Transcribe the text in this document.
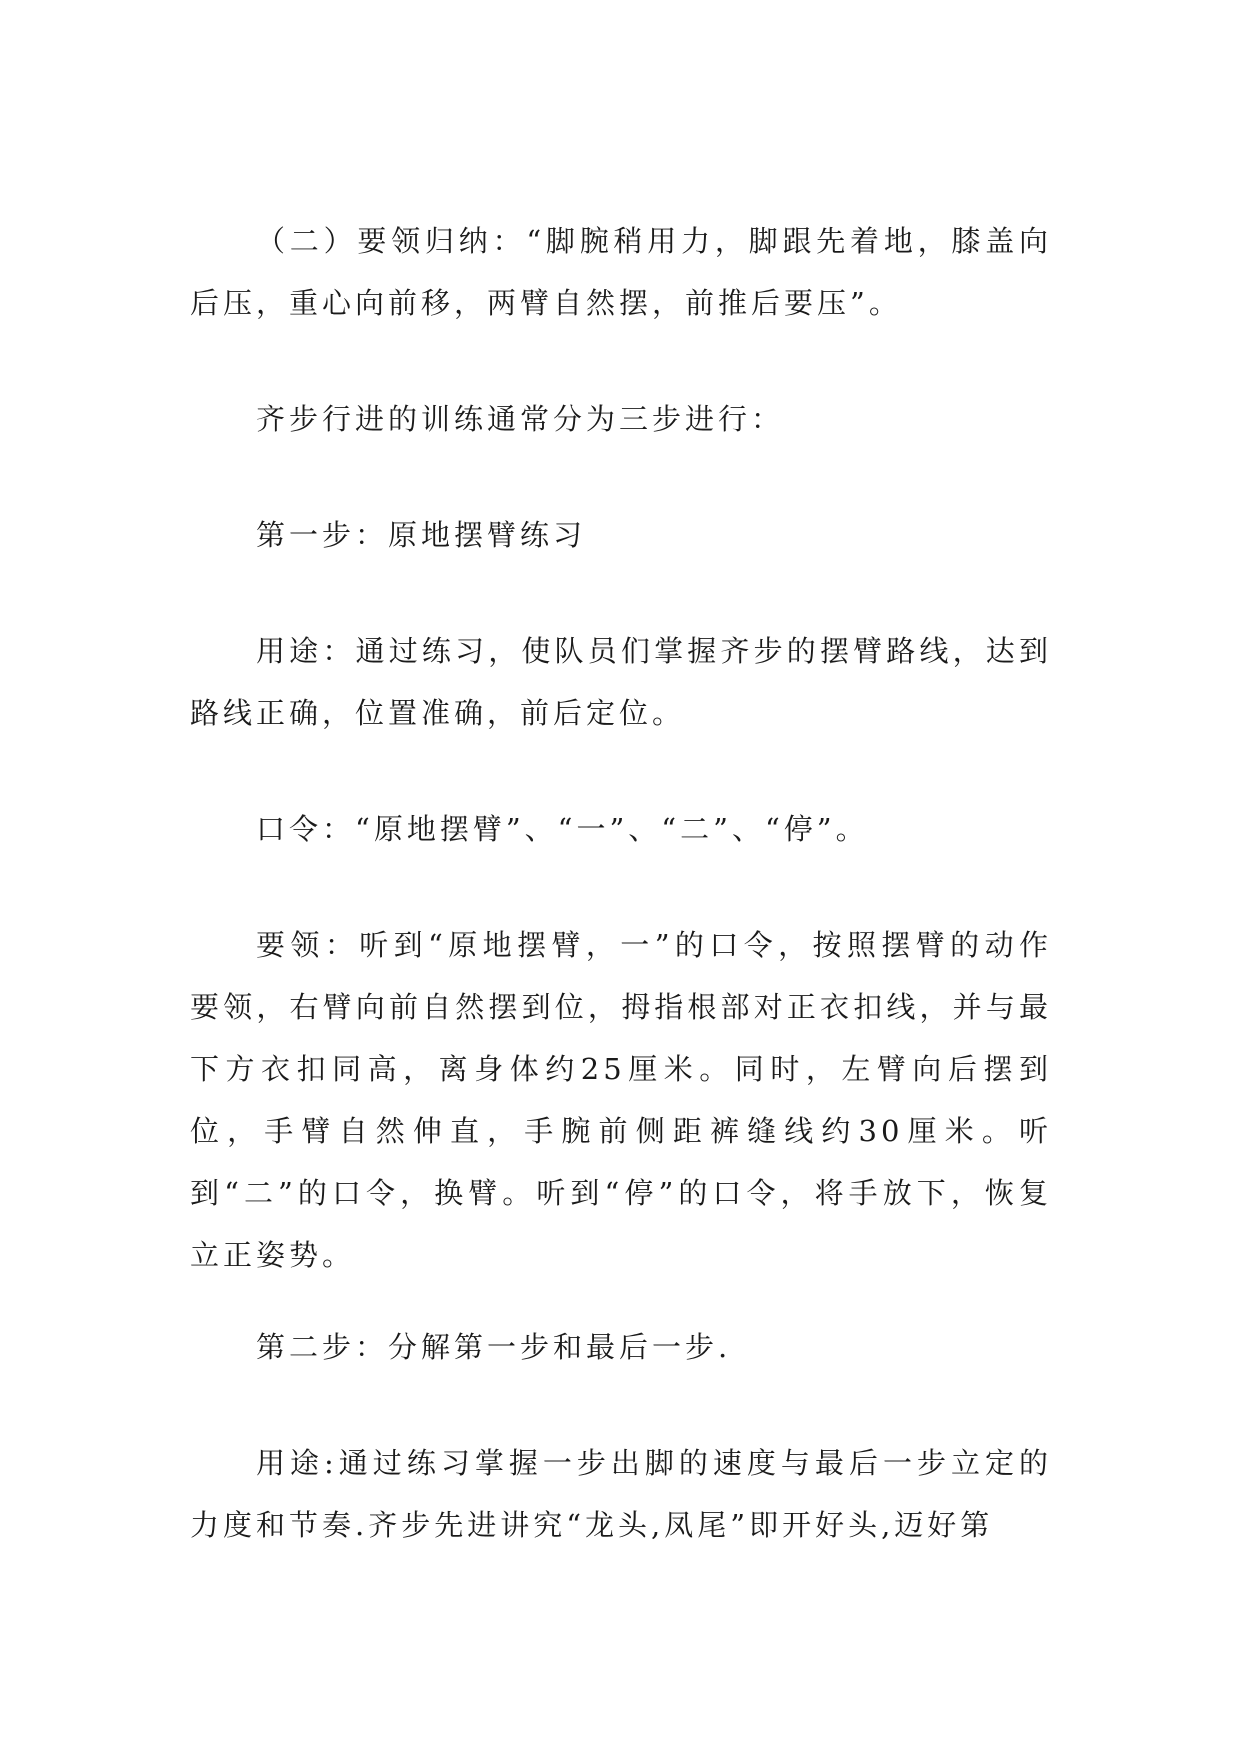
（二）要领归纳：“脚腕稍用力，脚跟先着地，膝盖向后压，重心向前移，两臂自然摆，前推后要压”。

齐步行进的训练通常分为三步进行：

第一步：原地摆臂练习

用途：通过练习，使队员们掌握齐步的摆臂路线，达到路线正确，位置准确，前后定位。

口令：“原地摆臂”、“一”、“二”、“停”。

要领：听到“原地摆臂，一”的口令，按照摆臂的动作要领，右臂向前自然摆到位，拇指根部对正衣扣线，并与最下方衣扣同高，离身体约25厘米。同时，左臂向后摆到位，手臂自然伸直，手腕前侧距裤缝线约30厘米。听到“二”的口令，换臂。听到“停”的口令，将手放下，恢复立正姿势。

第二步：分解第一步和最后一步.

用途:通过练习掌握一步出脚的速度与最后一步立定的力度和节奏.齐步先进讲究“龙头,凤尾”即开好头,迈好第
